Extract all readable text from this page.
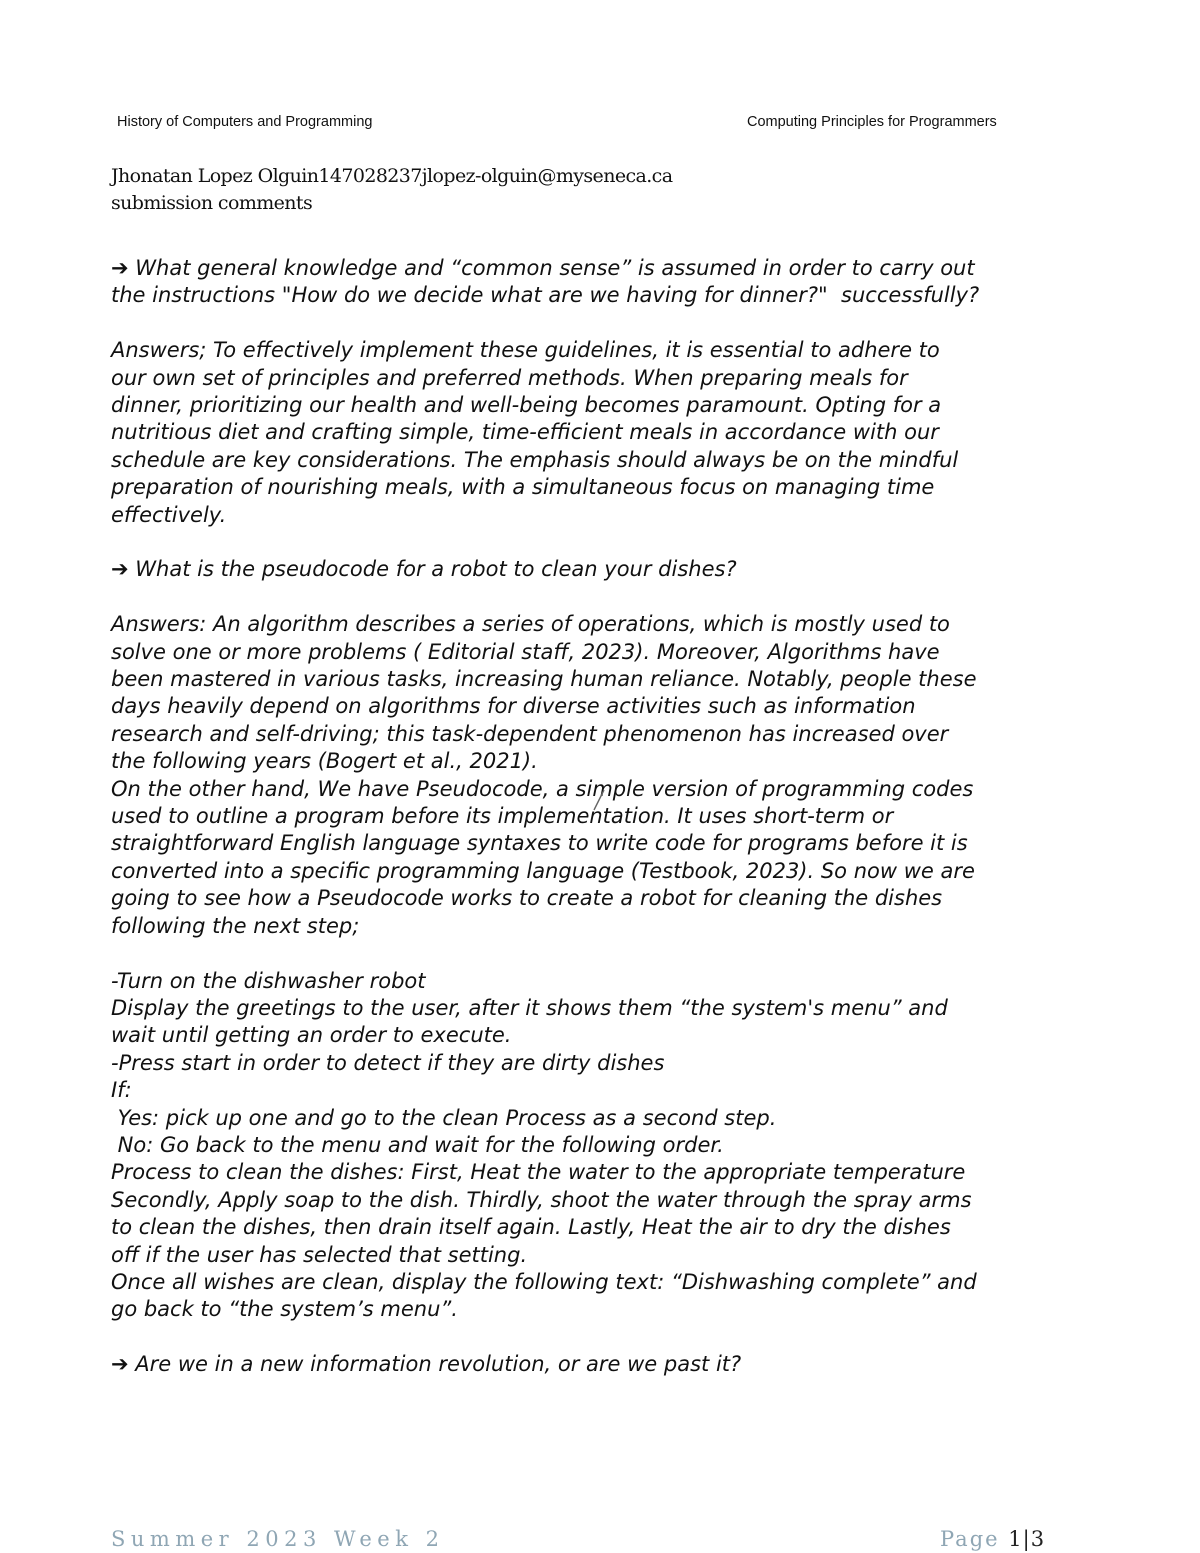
History of Computers and Programming	Computing Principles for Programmers
Jhonatan Lopez Olguin147028237jlopez-olguin@myseneca.ca
submission comments
➔ What general knowledge and “common sense” is assumed in order to carry out
the instructions "How do we decide what are we having for dinner?"  successfully?
Answers; To effectively implement these guidelines, it is essential to adhere to
our own set of principles and preferred methods. When preparing meals for
dinner, prioritizing our health and well-being becomes paramount. Opting for a
nutritious diet and crafting simple, time-efficient meals in accordance with our
schedule are key considerations. The emphasis should always be on the mindful
preparation of nourishing meals, with a simultaneous focus on managing time
effectively.
➔ What is the pseudocode for a robot to clean your dishes?
Answers: An algorithm describes a series of operations, which is mostly used to
solve one or more problems ( Editorial staff, 2023). Moreover, Algorithms have
been mastered in various tasks, increasing human reliance. Notably, people these
days heavily depend on algorithms for diverse activities such as information
research and self-driving; this task-dependent phenomenon has increased over
the following years (Bogert et al., 2021).
On the other hand, We have Pseudocode, a simple version of programming codes
used to outline a program before its implementation. It uses short-term or
straightforward English language syntaxes to write code for programs before it is
converted into a specific programming language (Testbook, 2023). So now we are
going to see how a Pseudocode works to create a robot for cleaning the dishes
following the next step;
-Turn on the dishwasher robot
Display the greetings to the user, after it shows them “the system's menu” and
wait until getting an order to execute.
-Press start in order to detect if they are dirty dishes
If:
Yes: pick up one and go to the clean Process as a second step.
No: Go back to the menu and wait for the following order.
Process to clean the dishes: First, Heat the water to the appropriate temperature
Secondly, Apply soap to the dish. Thirdly, shoot the water through the spray arms
to clean the dishes, then drain itself again. Lastly, Heat the air to dry the dishes
off if the user has selected that setting.
Once all wishes are clean, display the following text: “Dishwashing complete” and
go back to “the system’s menu”.
➔ Are we in a new information revolution, or are we past it?
Summer 2023 Week 2	Page 1|3
